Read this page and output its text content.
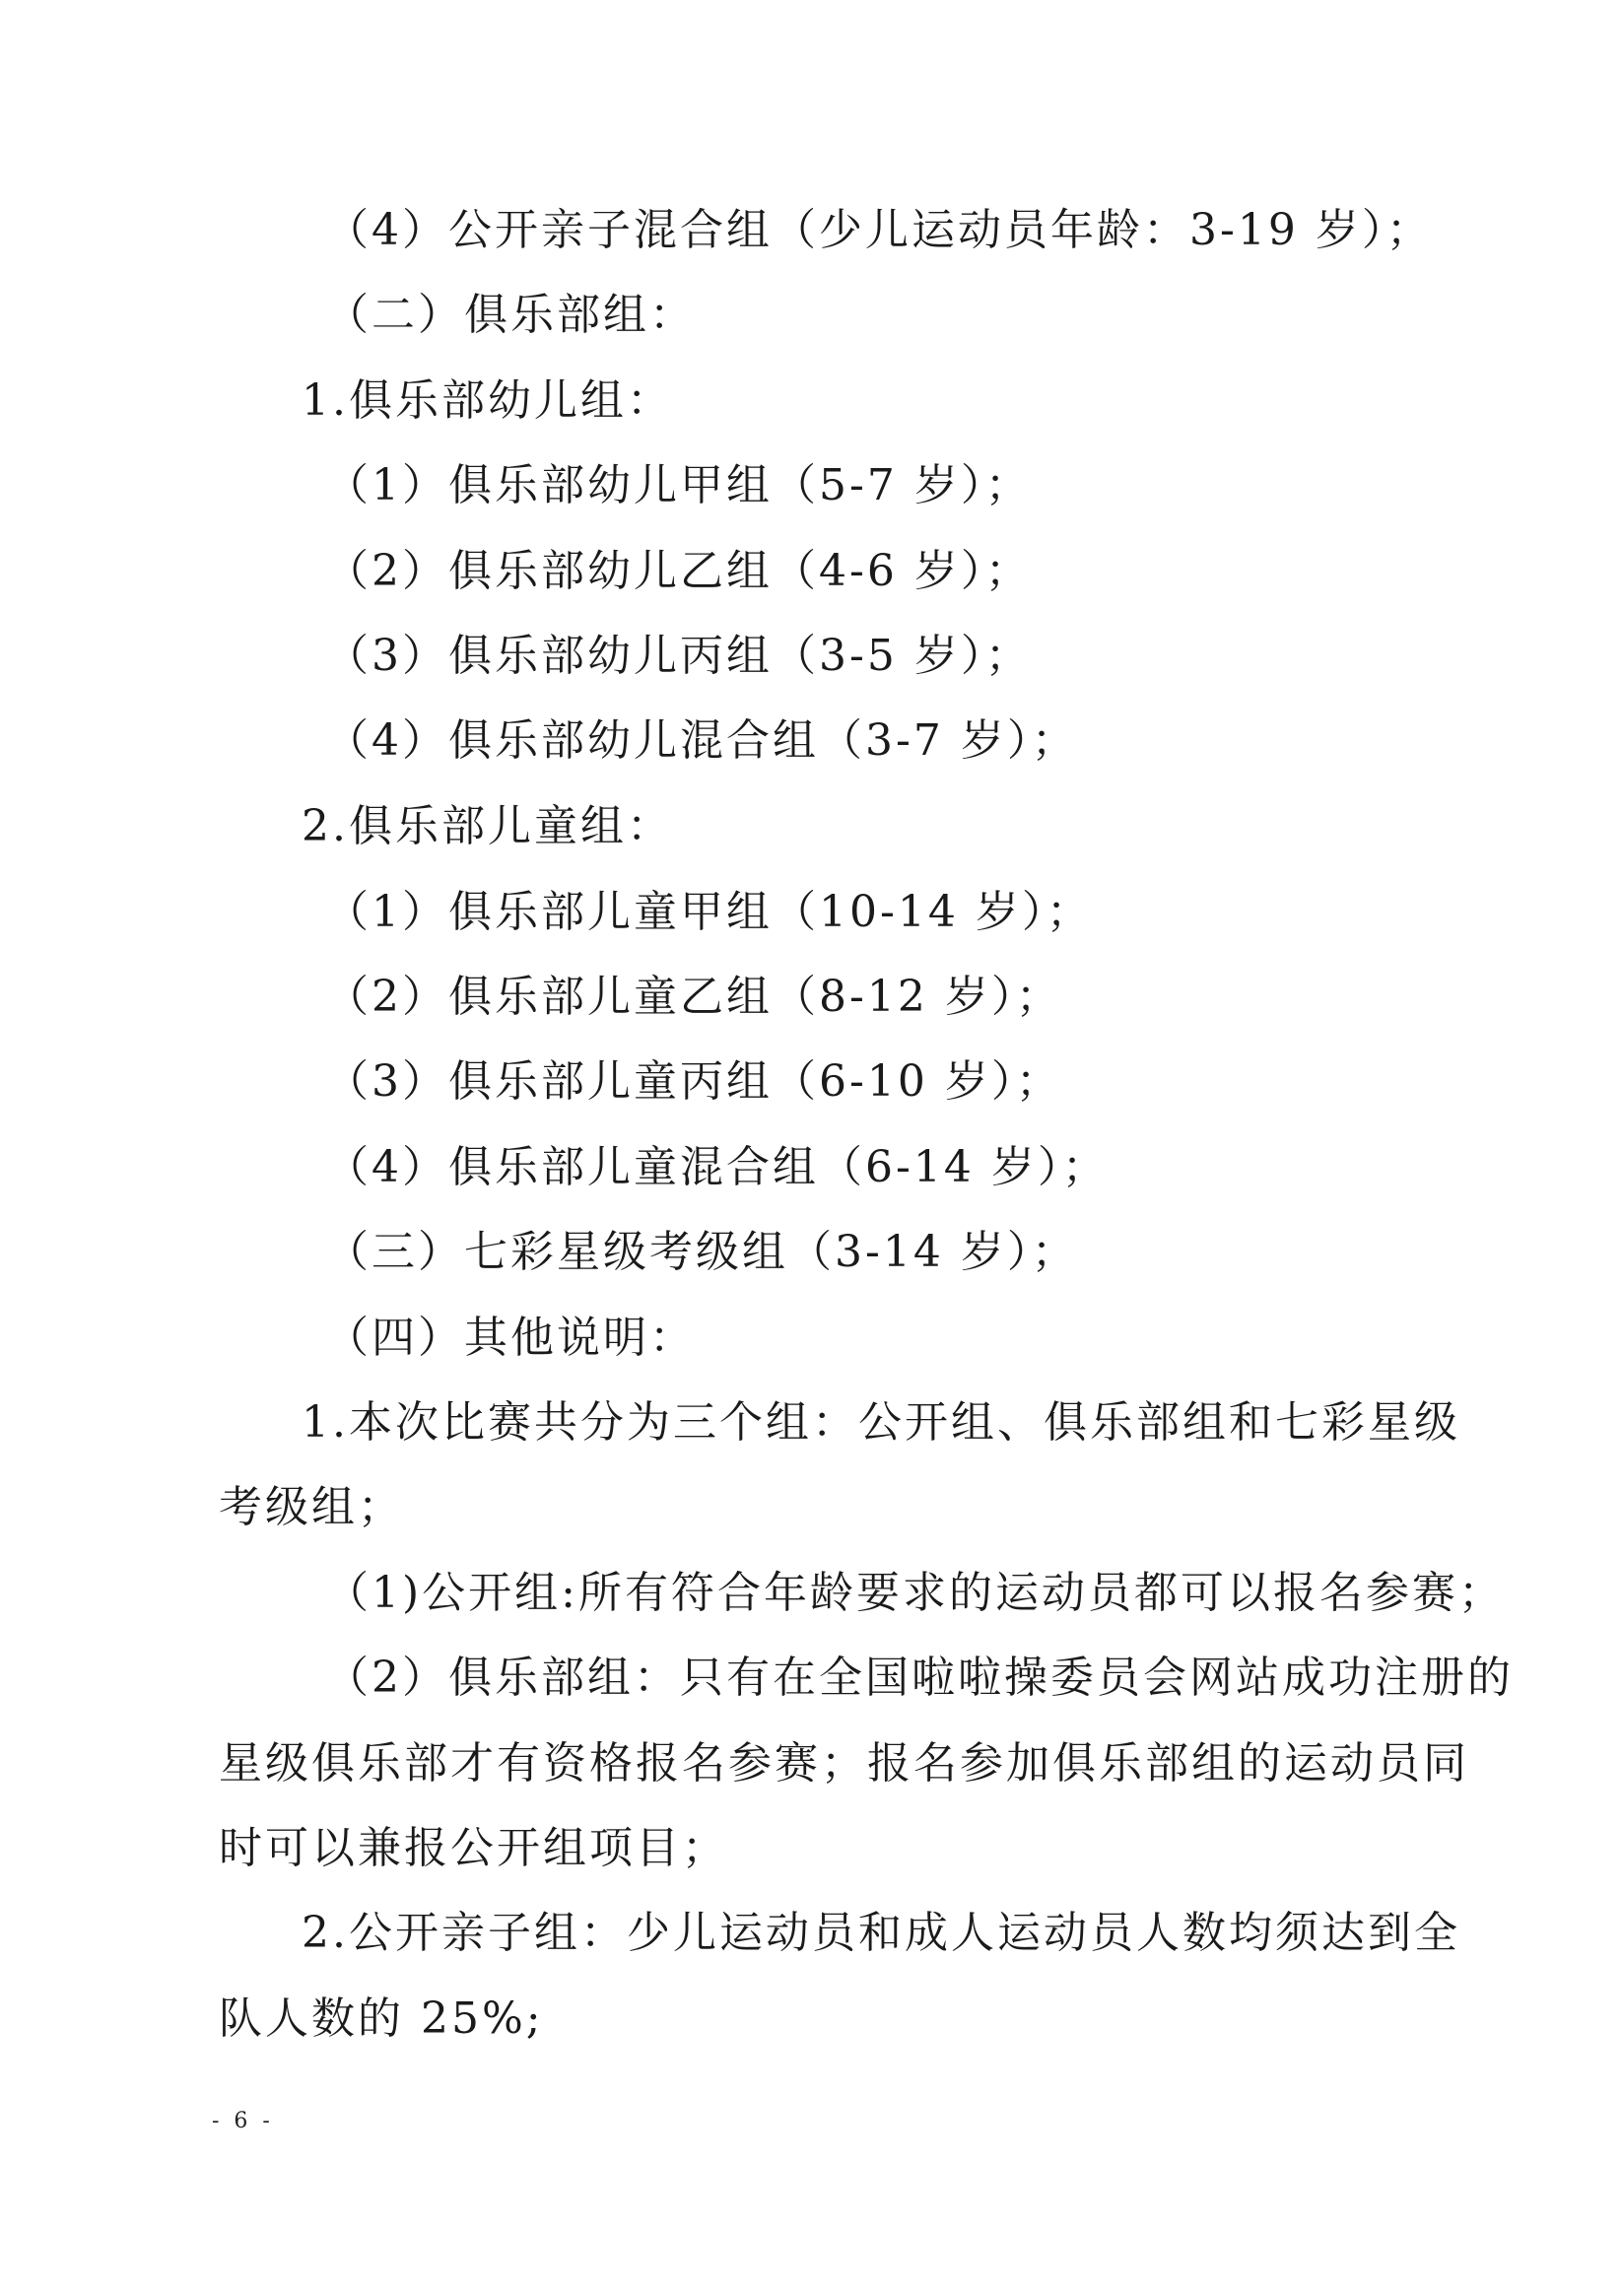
（4）公开亲子混合组（少儿运动员年龄：3-19 岁）；
（二）俱乐部组：
1.俱乐部幼儿组：
（1）俱乐部幼儿甲组（5-7 岁）；
（2）俱乐部幼儿乙组（4-6 岁）；
（3）俱乐部幼儿丙组（3-5 岁）；
（4）俱乐部幼儿混合组（3-7 岁）；
2.俱乐部儿童组：
（1）俱乐部儿童甲组（10-14 岁）；
（2）俱乐部儿童乙组（8-12 岁）；
（3）俱乐部儿童丙组（6-10 岁）；
（4）俱乐部儿童混合组（6-14 岁）；
（三）七彩星级考级组（3-14 岁）；
（四）其他说明：
1.本次比赛共分为三个组：公开组、俱乐部组和七彩星级
考级组；
（1)公开组:所有符合年龄要求的运动员都可以报名参赛；
（2）俱乐部组：只有在全国啦啦操委员会网站成功注册的
星级俱乐部才有资格报名参赛；报名参加俱乐部组的运动员同
时可以兼报公开组项目；
2.公开亲子组：少儿运动员和成人运动员人数均须达到全
队人数的 25%;
- 6 -
